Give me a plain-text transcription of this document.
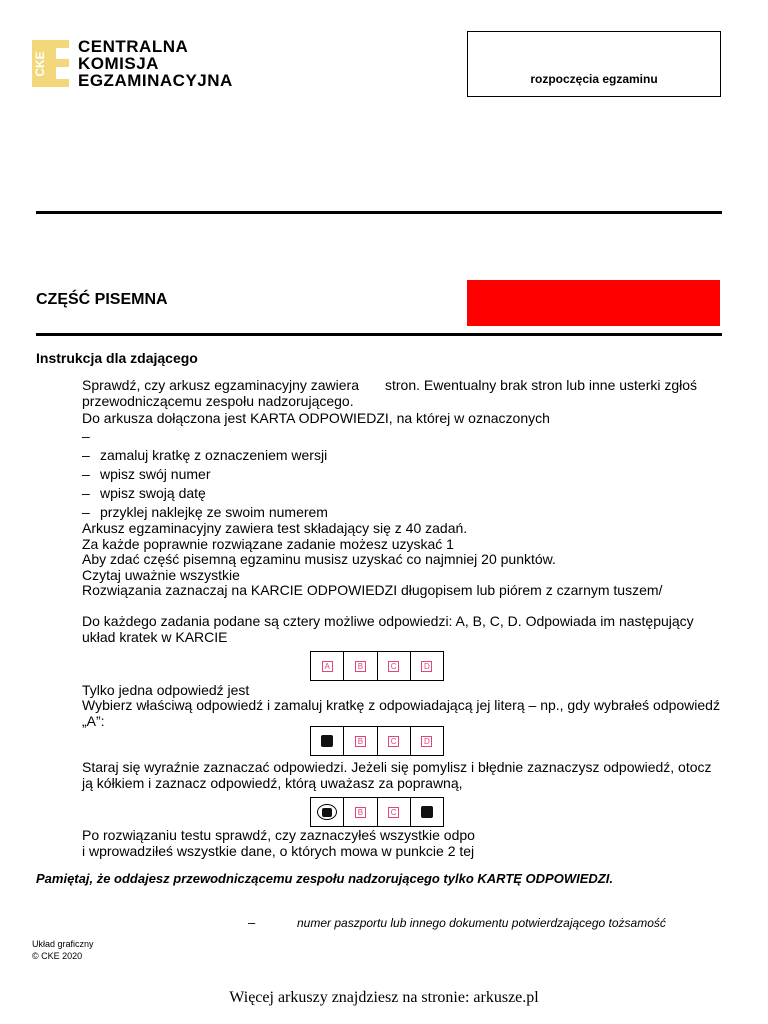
CKE
CENTRALNA
KOMISJA
EGZAMINACYJNA	rozpoczęcia egzaminu
CZĘŚĆ PISEMNA
Instrukcja dla zdającego
Sprawdź, czy arkusz egzaminacyjny zawiera stron. Ewentualny brak stron lub inne usterki zgłoś
przewodniczącemu zespołu nadzorującego.
Do arkusza dołączona jest KARTA ODPOWIEDZI, na której w oznaczonych
–
– zamaluj kratkę z oznaczeniem wersji
– wpisz swój numer
– wpisz swoją datę
– przyklej naklejkę ze swoim numerem
Arkusz egzaminacyjny zawiera test składający się z 40 zadań.
Za każde poprawnie rozwiązane zadanie możesz uzyskać 1
Aby zdać część pisemną egzaminu musisz uzyskać co najmniej 20 punktów.
Czytaj uważnie wszystkie
Rozwiązania zaznaczaj na KARCIE ODPOWIEDZI długopisem lub piórem z czarnym tuszem/
Do każdego zadania podane są cztery możliwe odpowiedzi: A, B, C, D. Odpowiada im następujący
układ kratek w KARCIE
A	B	C	D
Tylko jedna odpowiedź jest
Wybierz właściwą odpowiedź i zamaluj kratkę z odpowiadającą jej literą – np., gdy wybrałeś odpowiedź
„A”:
B	C	D
Staraj się wyraźnie zaznaczać odpowiedzi. Jeżeli się pomylisz i błędnie zaznaczysz odpowiedź, otocz
ją kółkiem i zaznacz odpowiedź, którą uważasz za poprawną,
B	C
Po rozwiązaniu testu sprawdź, czy zaznaczyłeś wszystkie odpo
i wprowadziłeś wszystkie dane, o których mowa w punkcie 2 tej
Pamiętaj, że oddajesz przewodniczącemu zespołu nadzorującego tylko KARTĘ ODPOWIEDZI.
–	numer paszportu lub innego dokumentu potwierdzającego tożsamość
Układ graficzny
© CKE 2020
Więcej arkuszy znajdziesz na stronie: arkusze.pl
